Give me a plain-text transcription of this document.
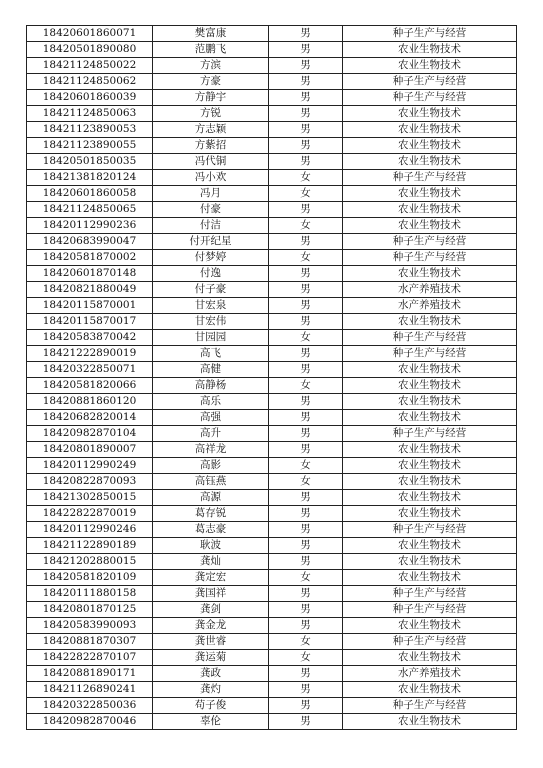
18420601860071	樊富康	男	种子生产与经营
18420501890080	范鹏飞	男	农业生物技术
18421124850022	方滨	男	农业生物技术
18421124850062	方豪	男	种子生产与经营
18420601860039	方静宇	男	种子生产与经营
18421124850063	方锐	男	农业生物技术
18421123890053	方志颖	男	农业生物技术
18421123890055	方紫招	男	农业生物技术
18420501850035	冯代铜	男	农业生物技术
18421381820124	冯小欢	女	种子生产与经营
18420601860058	冯月	女	农业生物技术
18421124850065	付豪	男	农业生物技术
18420112990236	付洁	女	农业生物技术
18420683990047	付开纪星	男	种子生产与经营
18420581870002	付梦婷	女	种子生产与经营
18420601870148	付逸	男	农业生物技术
18420821880049	付子豪	男	水产养殖技术
18420115870001	甘宏泉	男	水产养殖技术
18420115870017	甘宏伟	男	农业生物技术
18420583870042	甘园园	女	种子生产与经营
18421222890019	高飞	男	种子生产与经营
18420322850071	高健	男	农业生物技术
18420581820066	高静杨	女	农业生物技术
18420881860120	高乐	男	农业生物技术
18420682820014	高强	男	农业生物技术
18420982870104	高升	男	种子生产与经营
18420801890007	高祥龙	男	农业生物技术
18420112990249	高影	女	农业生物技术
18420822870093	高钰燕	女	农业生物技术
18421302850015	高源	男	农业生物技术
18422822870019	葛存锐	男	农业生物技术
18420112990246	葛志豪	男	种子生产与经营
18421122890189	耿波	男	农业生物技术
18421202880015	龚灿	男	农业生物技术
18420581820109	龚定宏	女	农业生物技术
18420111880158	龚国祥	男	种子生产与经营
18420801870125	龚剑	男	种子生产与经营
18420583990093	龚金龙	男	农业生物技术
18420881870307	龚世睿	女	种子生产与经营
18422822870107	龚运菊	女	农业生物技术
18420881890171	龚政	男	水产养殖技术
18421126890241	龚灼	男	农业生物技术
18420322850036	苟子俊	男	种子生产与经营
18420982870046	辜伦	男	农业生物技术
